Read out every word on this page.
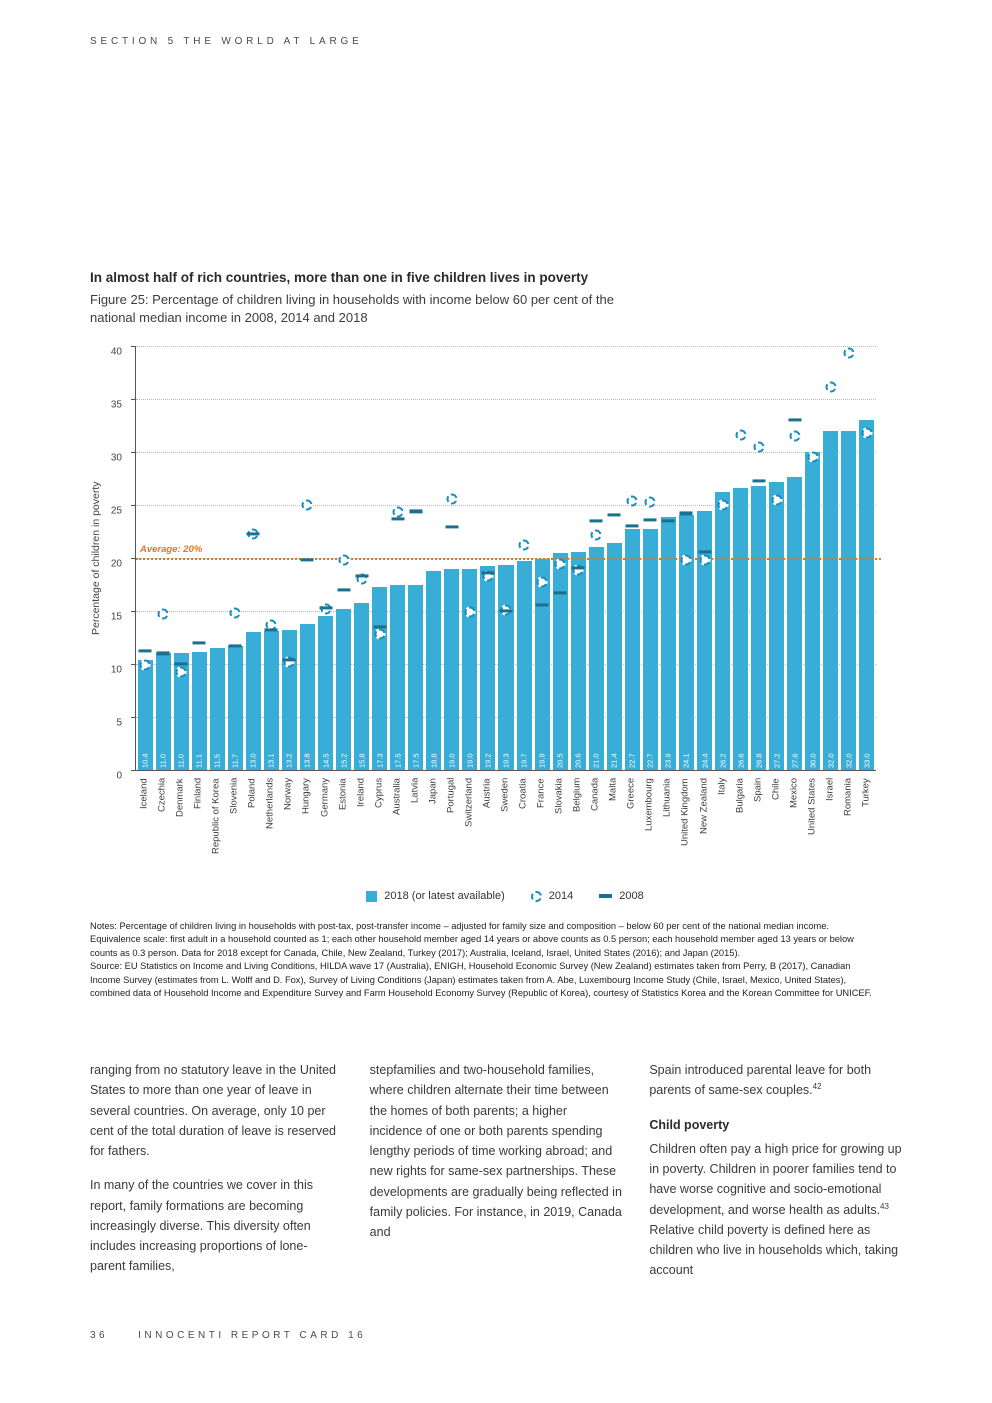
SECTION 5 THE WORLD AT LARGE
In almost half of rich countries, more than one in five children lives in poverty
Figure 25: Percentage of children living in households with income below 60 per cent of the national median income in 2008, 2014 and 2018
Percentage of children in poverty
0
5
10
15
20
25
30
35
40
10.4 11.0 11.0 11.1 11.5 11.7 13.0 13.1 13.2 13.8 14.5 15.2 15.8 17.3 17.5 17.5 18.8 19.0 19.0 19.2 19.3 19.7 19.9 20.5 20.6 21.0 21.4 22.7 22.7 23.9 24.1 24.4 26.2 26.6 26.8 27.2 27.6 30.0 32.0 32.0 33.0
Average: 20%
Iceland Czechia Denmark Finland Republic of Korea Slovenia Poland Netherlands Norway Hungary Germany Estonia Ireland Cyprus Australia Latvia Japan Portugal Switzerland Austria Sweden Croatia France Slovakia Belgium Canada Malta Greece Luxembourg Lithuania United Kingdom New Zealand Italy Bulgaria Spain Chile Mexico United States Israel Romania Turkey
2018 (or latest available)	2014	2008

Notes: Percentage of children living in households with post-tax, post-transfer income – adjusted for family size and composition – below 60 per cent of the national median income. Equivalence scale: first adult in a household counted as 1; each other household member aged 14 years or above counts as 0.5 person; each household member aged 13 years or below counts as 0.3 person. Data for 2018 except for Canada, Chile, New Zealand, Turkey (2017); Australia, Iceland, Israel, United States (2016); and Japan (2015).

Source: EU Statistics on Income and Living Conditions, HILDA wave 17 (Australia), ENIGH, Household Economic Survey (New Zealand) estimates taken from Perry, B (2017), Canadian Income Survey (estimates from L. Wolff and D. Fox), Survey of Living Conditions (Japan) estimates taken from A. Abe, Luxembourg Income Study (Chile, Israel, Mexico, United States), combined data of Household Income and Expenditure Survey and Farm Household Economy Survey (Republic of Korea), courtesy of Statistics Korea and the Korean Committee for UNICEF.

ranging from no statutory leave in the United States to more than one year of leave in several countries. On average, only 10 per cent of the total duration of leave is reserved for fathers.

In many of the countries we cover in this report, family formations are becoming increasingly diverse. This diversity often includes increasing proportions of lone-parent families,

stepfamilies and two-household families, where children alternate their time between the homes of both parents; a higher incidence of one or both parents spending lengthy periods of time working abroad; and new rights for same-sex partnerships. These developments are gradually being reflected in family policies. For instance, in 2019, Canada and

Spain introduced parental leave for both parents of same-sex couples.$^{42}$

Child poverty

Children often pay a high price for growing up in poverty. Children in poorer families tend to have worse cognitive and socio-emotional development, and worse health as adults.$^{43}$ Relative child poverty is defined here as children who live in households which, taking account

36	INNOCENTI REPORT CARD 16
